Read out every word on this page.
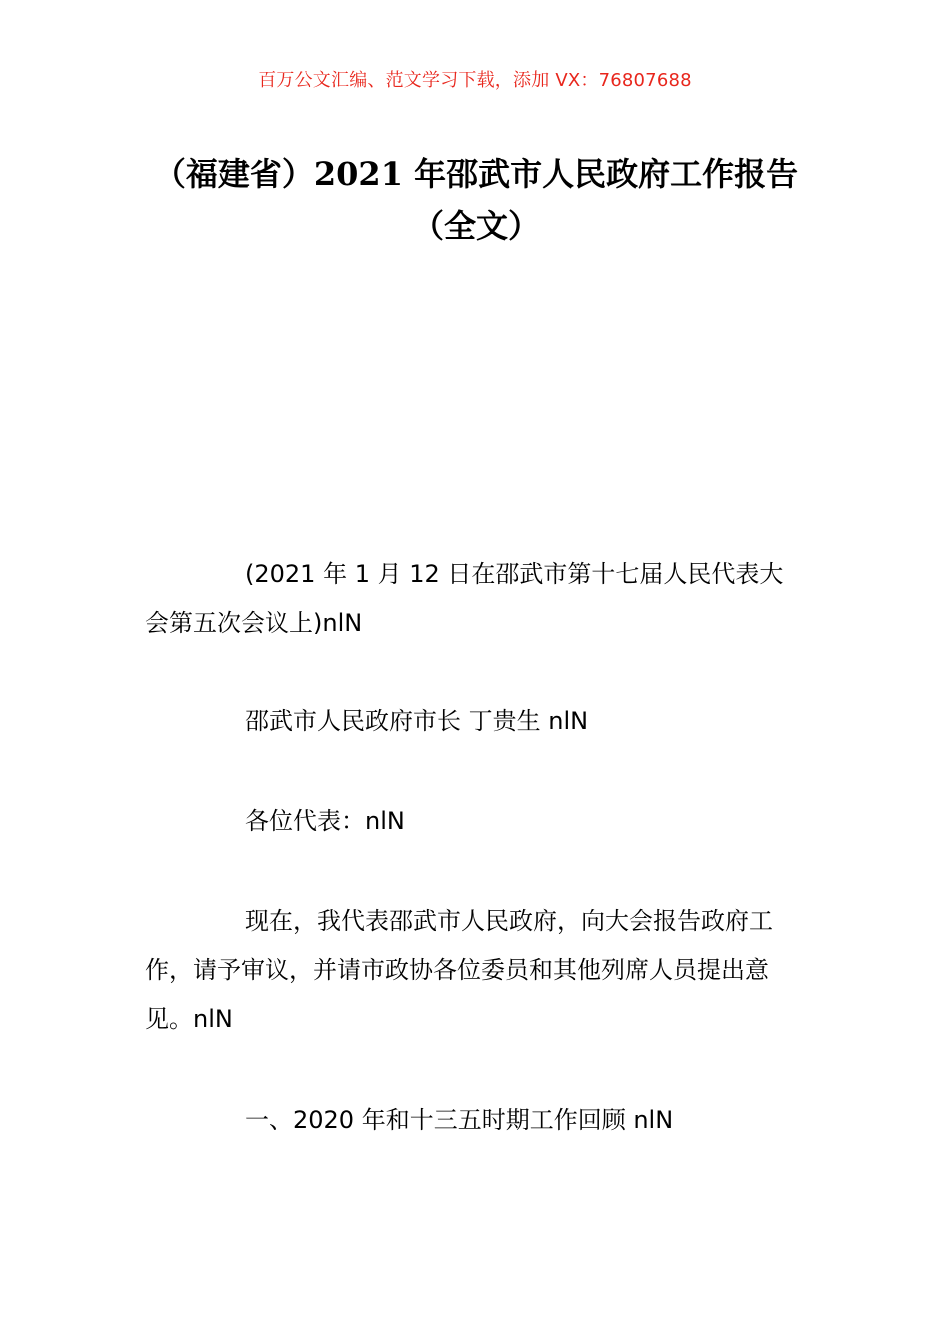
百万公文汇编、范文学习下载，添加 VX：76807688
（福建省）2021 年邵武市人民政府工作报告（全文）

(2021 年 1 月 12 日在邵武市第十七届人民代表大会第五次会议上)nlN

邵武市人民政府市长 丁贵生 nlN

各位代表：nlN

现在，我代表邵武市人民政府，向大会报告政府工作，请予审议，并请市政协各位委员和其他列席人员提出意见。nlN

一、2020 年和十三五时期工作回顾 nlN
